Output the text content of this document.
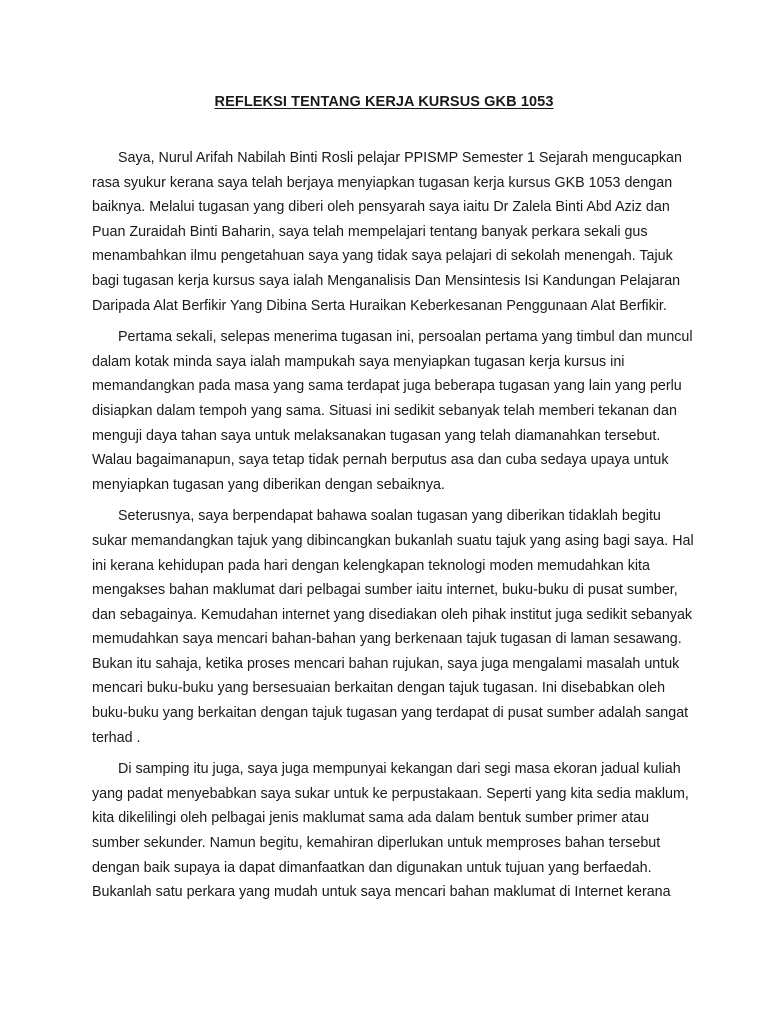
REFLEKSI TENTANG KERJA KURSUS GKB 1053

Saya, Nurul Arifah Nabilah Binti Rosli pelajar PPISMP Semester 1 Sejarah mengucapkan
rasa syukur kerana saya telah berjaya menyiapkan tugasan kerja kursus GKB 1053 dengan
baiknya. Melalui tugasan yang diberi oleh pensyarah saya iaitu Dr Zalela Binti Abd Aziz dan
Puan Zuraidah Binti Baharin, saya telah mempelajari tentang banyak perkara sekali gus
menambahkan ilmu pengetahuan saya yang tidak saya pelajari di sekolah menengah. Tajuk
bagi tugasan kerja kursus saya ialah Menganalisis Dan Mensintesis Isi Kandungan Pelajaran
Daripada Alat Berfikir Yang Dibina Serta Huraikan Keberkesanan Penggunaan Alat Berfikir.

Pertama sekali, selepas menerima tugasan ini, persoalan pertama yang timbul dan muncul
dalam kotak minda saya ialah mampukah saya menyiapkan tugasan kerja kursus ini
memandangkan pada masa yang sama terdapat juga beberapa tugasan yang lain yang perlu
disiapkan dalam tempoh yang sama. Situasi ini sedikit sebanyak telah memberi tekanan dan
menguji daya tahan saya untuk melaksanakan tugasan yang telah diamanahkan tersebut.
Walau bagaimanapun, saya tetap tidak pernah berputus asa dan cuba sedaya upaya untuk
menyiapkan tugasan yang diberikan dengan sebaiknya.

Seterusnya, saya berpendapat bahawa soalan tugasan yang diberikan tidaklah begitu
sukar memandangkan tajuk yang dibincangkan bukanlah suatu tajuk yang asing bagi saya. Hal
ini kerana kehidupan pada hari dengan kelengkapan teknologi moden memudahkan kita
mengakses bahan maklumat dari pelbagai sumber iaitu internet, buku-buku di pusat sumber,
dan sebagainya. Kemudahan internet yang disediakan oleh pihak institut juga sedikit sebanyak
memudahkan saya mencari bahan-bahan yang berkenaan tajuk tugasan di laman sesawang.
Bukan itu sahaja, ketika proses mencari bahan rujukan, saya juga mengalami masalah untuk
mencari buku-buku yang bersesuaian berkaitan dengan tajuk tugasan. Ini disebabkan oleh
buku-buku yang berkaitan dengan tajuk tugasan yang terdapat di pusat sumber adalah sangat
terhad .

Di samping itu juga, saya juga mempunyai kekangan dari segi masa ekoran jadual kuliah
yang padat menyebabkan saya sukar untuk ke perpustakaan. Seperti yang kita sedia maklum,
kita dikelilingi oleh pelbagai jenis maklumat sama ada dalam bentuk sumber primer atau
sumber sekunder. Namun begitu, kemahiran diperlukan untuk memproses bahan tersebut
dengan baik supaya ia dapat dimanfaatkan dan digunakan untuk tujuan yang berfaedah.
Bukanlah satu perkara yang mudah untuk saya mencari bahan maklumat di Internet kerana
